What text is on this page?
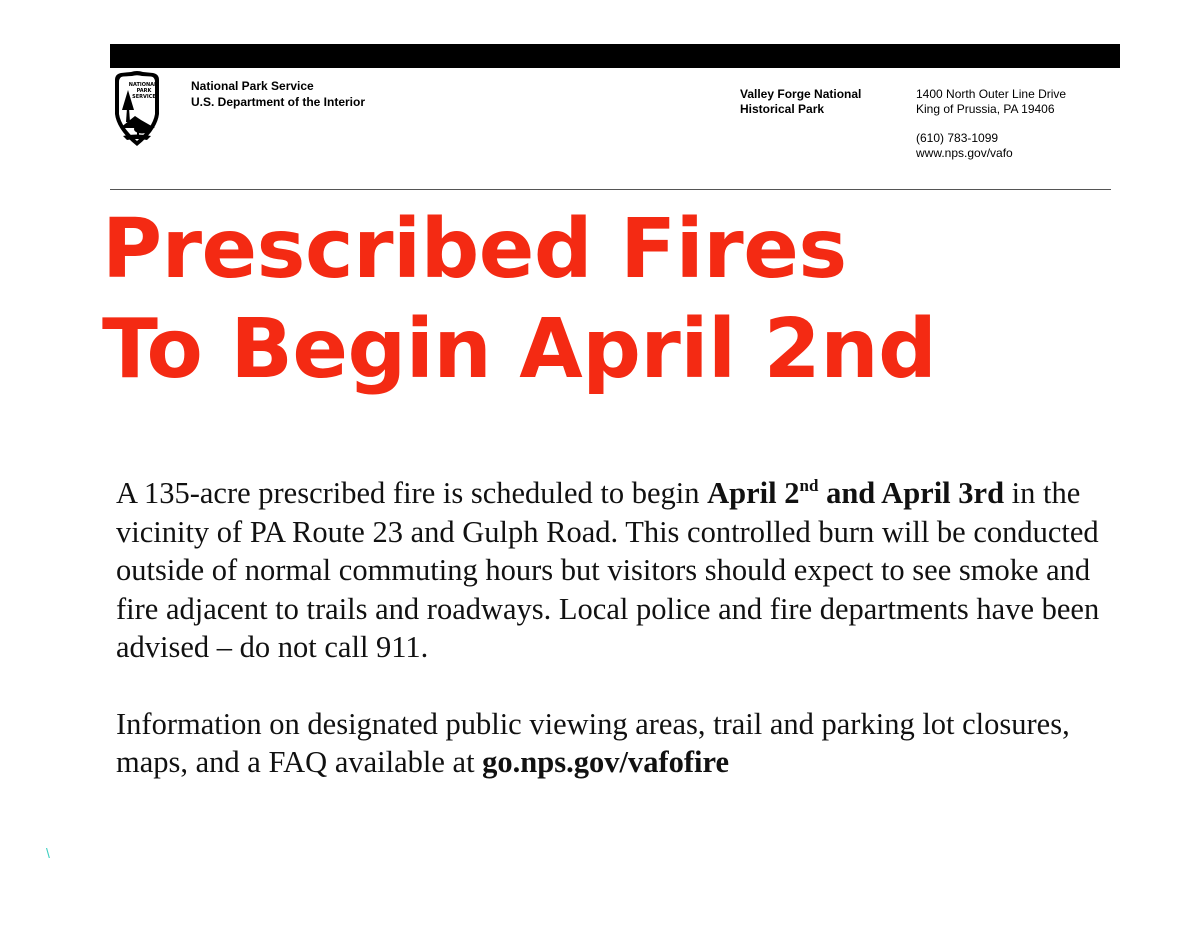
NATIONAL
PARK
SERVICE
National Park Service
U.S. Department of the Interior
Valley Forge National
Historical Park
1400 North Outer Line Drive
King of Prussia, PA 19406
(610) 783-1099
www.nps.gov/vafo
Prescribed Fires
To Begin April 2nd

A 135-acre prescribed fire is scheduled to begin April 2nd and April 3rd in the vicinity of PA Route 23 and Gulph Road. This controlled burn will be conducted outside of normal commuting hours but visitors should expect to see smoke and fire adjacent to trails and roadways. Local police and fire departments have been advised – do not call 911.

Information on designated public viewing areas, trail and parking lot closures, maps, and a FAQ available at go.nps.gov/vafofire

\
